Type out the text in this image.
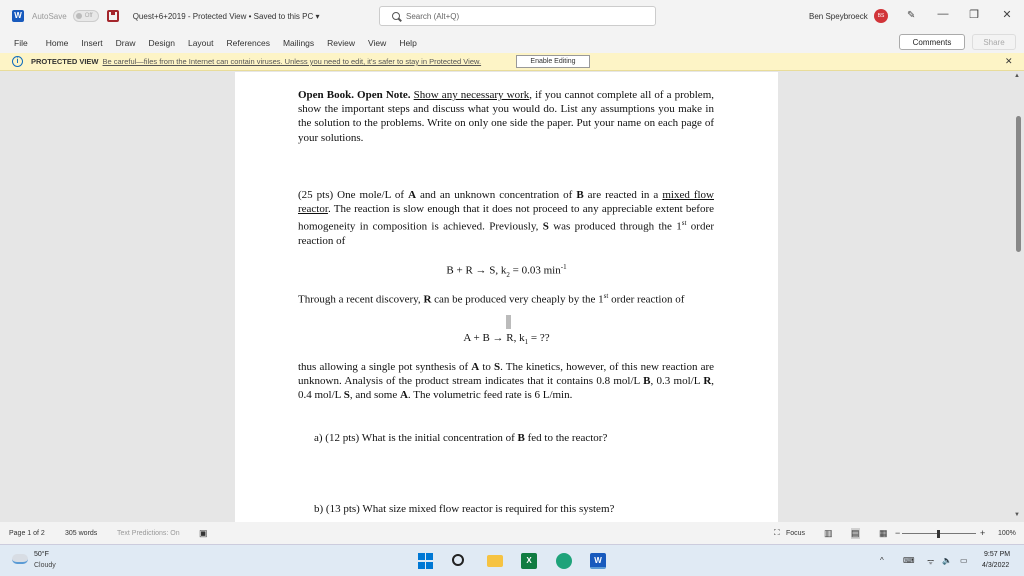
W AutoSave	Off	Quest+6+2019 - Protected View • Saved to this PC ▾	Search (Alt+Q)	Ben Speybroeck	BS	✎ — ❐	✕
File Home Insert Draw Design Layout References Mailings Review View Help	Comments	Share
i	PROTECTED VIEW Be careful—files from the Internet can contain viruses. Unless you need to edit, it's safer to stay in Protected View.	Enable Editing	✕
Open Book. Open Note. Show any necessary work, if you cannot complete all of a problem, show the important steps and discuss what you would do. List any assumptions you make in the solution to the problems. Write on only one side the paper. Put your name on each page of your solutions.
(25 pts) One mole/L of A and an unknown concentration of B are reacted in a mixed flow reactor. The reaction is slow enough that it does not proceed to any appreciable extent before homogeneity in composition is achieved. Previously, S was produced through the 1st order reaction of
B + R → S, $k_2 = 0.03$ $\min^{-1}$
Through a recent discovery, R can be produced very cheaply by the 1st order reaction of
A + B → R, $k_1$ = ??
thus allowing a single pot synthesis of A to S. The kinetics, however, of this new reaction are unknown. Analysis of the product stream indicates that it contains 0.8 mol/L B, 0.3 mol/L R, 0.4 mol/L S, and some A. The volumetric feed rate is 6 L/min.
a) (12 pts) What is the initial concentration of B fed to the reactor?
b) (13 pts) What size mixed flow reactor is required for this system?
▲
▼
Page 1 of 2	305 words	Text Predictions: On ▣	⛶ Focus ▥ ▤ ▦ −	+ 100%
50°F
Cloudy
X	W	^ ⌨ ᯤ 🔈 ▭
9:57 PM
4/3/2022
